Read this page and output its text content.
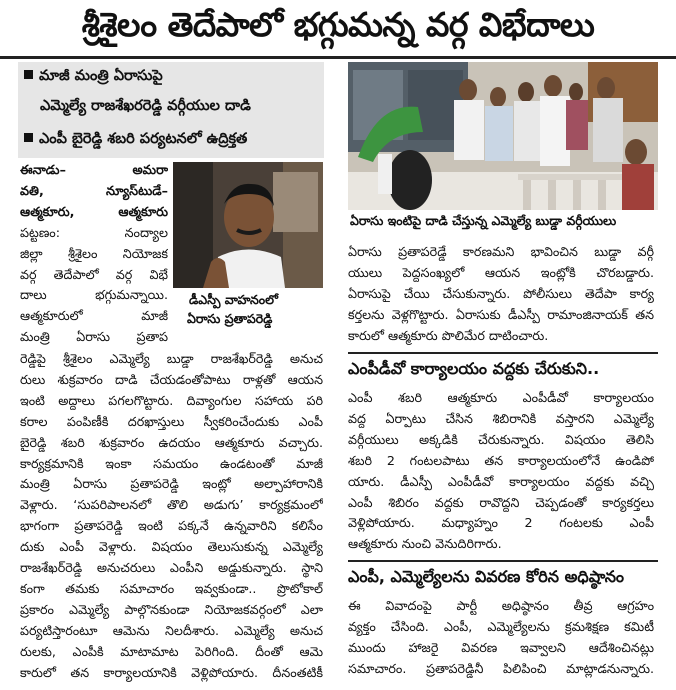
శ్రీశైలం తెదేపాలో భగ్గుమన్న వర్గ విభేదాలు
మాజీ మంత్రి ఏరాసుపై
ఎమ్మెల్యే రాజశేఖరరెడ్డి వర్గీయుల దాడి
ఎంపీ బైరెడ్డి శబరి పర్యటనలో ఉద్రిక్తత

ఈనాడు– అమరా

వతి, న్యూస్‌టుడే–

ఆత్మకూరు, ఆత్మకూరు

పట్టణం: నంద్యాల

జిల్లా శ్రీశైలం నియోజక

వర్గ తెదేపాలో వర్గ విభే

దాలు భగ్గుమన్నాయి.

ఆత్మకూరులో మాజీ

మంత్రి ఏరాసు ప్రతాప

డీఎస్పీ వాహనంలో
ఏరాసు ప్రతాపరెడ్డి

రెడ్డిపై శ్రీశైలం ఎమ్మెల్యే బుడ్డా రాజశేఖర్‌రెడ్డి అనుచ

రులు శుక్రవారం దాడి చేయడంతోపాటు రాళ్లతో ఆయన

ఇంటి అద్దాలు పగలగొట్టారు. దివ్యాంగుల సహాయ పరి

కరాల పంపిణీకి దరఖాస్తులు స్వీకరించేందుకు ఎంపీ

బైరెడ్డి శబరి శుక్రవారం ఉదయం ఆత్మకూరు వచ్చారు.

కార్యక్రమానికి ఇంకా సమయం ఉండటంతో మాజీ

మంత్రి ఏరాసు ప్రతాపరెడ్డి ఇంట్లో అల్పాహారానికి

వెళ్లారు. ‘సుపరిపాలనలో తొలి అడుగు’ కార్యక్రమంలో

భాగంగా ప్రతాపరెడ్డి ఇంటి పక్కనే ఉన్నవారిని కలిసేం

దుకు ఎంపీ వెళ్లారు. విషయం తెలుసుకున్న ఎమ్మెల్యే

రాజశేఖర్‌రెడ్డి అనుచరులు ఎంపీని అడ్డుకున్నారు. స్థాని

కంగా తమకు సమాచారం ఇవ్వకుండా.. ప్రొటోకాల్

ప్రకారం ఎమ్మెల్యే పాల్గొనకుండా నియోజకవర్గంలో ఎలా

పర్యటిస్తారంటూ ఆమెను నిలదీశారు. ఎమ్మెల్యే అనుచ

రులకు, ఎంపీకి మాటామాట పెరిగింది. దీంతో ఆమె

కారులో తన కార్యాలయానికి వెళ్లిపోయారు. దీనంతటికీ

ఏరాసు ఇంటిపై దాడి చేస్తున్న ఎమ్మెల్యే బుడ్డా వర్గీయులు

ఏరాసు ప్రతాపరెడ్డే కారణమని భావించిన బుడ్డా వర్గీ

యులు పెద్దసంఖ్యలో ఆయన ఇంట్లోకి చొరబడ్డారు.

ఏరాసుపై చేయి చేసుకున్నారు. పోలీసులు తెదేపా కార్య

కర్తలను వెళ్లగొట్టారు. ఏరాసుకు డీఎస్పీ రామాంజినాయక్ తన

కారులో ఆత్మకూరు పొలిమేర దాటించారు.

ఎంపీడీవో కార్యాలయం వద్దకు చేరుకుని..

ఎంపీ శబరి ఆత్మకూరు ఎంపీడీవో కార్యాలయం

వద్ద ఏర్పాటు చేసిన శిబిరానికి వస్తారని ఎమ్మెల్యే

వర్గీయులు అక్కడికి చేరుకున్నారు. విషయం తెలిసి

శబరి 2 గంటలపాటు తన కార్యాలయంలోనే ఉండిపో

యారు. డీఎస్పీ ఎంపీడీవో కార్యాలయం వద్దకు వచ్చి

ఎంపీ శిబిరం వద్దకు రావొద్దని చెప్పడంతో కార్యకర్తలు

వెళ్లిపోయారు. మధ్యాహ్నం 2 గంటలకు ఎంపీ

ఆత్మకూరు నుంచి వెనుదిరిగారు.

ఎంపీ, ఎమ్మెల్యేలను వివరణ కోరిన అధిష్ఠానం

ఈ వివాదంపై పార్టీ అధిష్ఠానం తీవ్ర ఆగ్రహం

వ్యక్తం చేసింది. ఎంపీ, ఎమ్మెల్యేలను క్రమశిక్షణ కమిటీ

ముందు హాజరై వివరణ ఇవ్వాలని ఆదేశించినట్లు

సమాచారం. ప్రతాపరెడ్డినీ పిలిపించి మాట్లాడనున్నారు.
